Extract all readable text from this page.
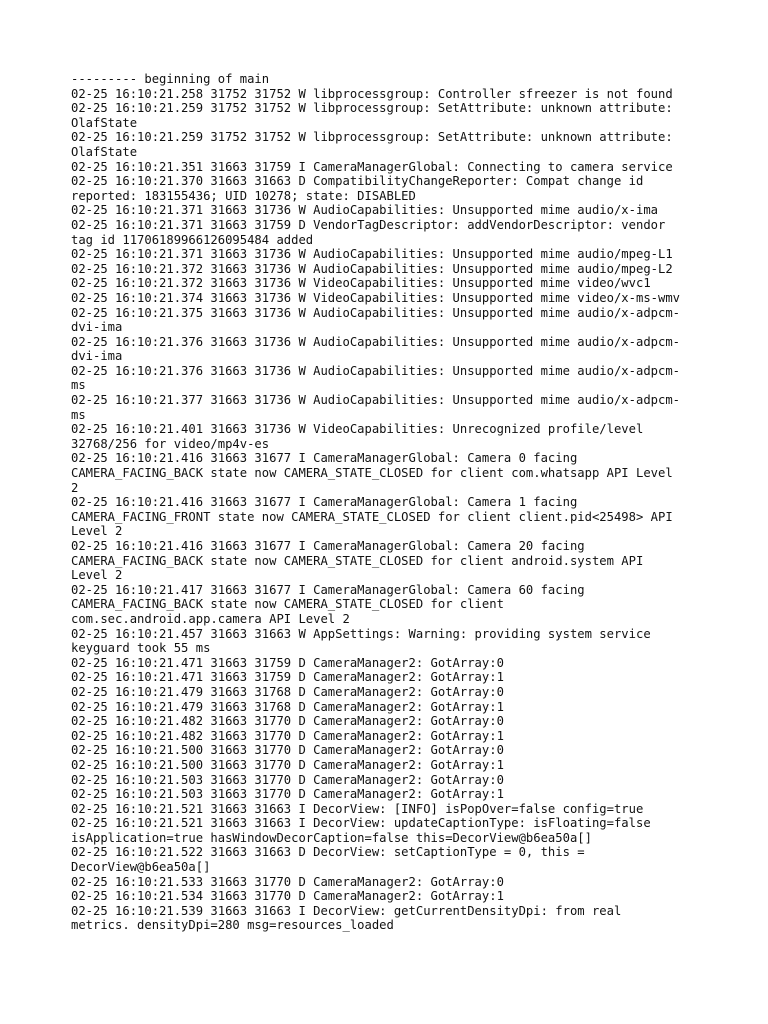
--------- beginning of main
02-25 16:10:21.258 31752 31752 W libprocessgroup: Controller sfreezer is not found
02-25 16:10:21.259 31752 31752 W libprocessgroup: SetAttribute: unknown attribute:
OlafState
02-25 16:10:21.259 31752 31752 W libprocessgroup: SetAttribute: unknown attribute:
OlafState
02-25 16:10:21.351 31663 31759 I CameraManagerGlobal: Connecting to camera service
02-25 16:10:21.370 31663 31663 D CompatibilityChangeReporter: Compat change id
reported: 183155436; UID 10278; state: DISABLED
02-25 16:10:21.371 31663 31736 W AudioCapabilities: Unsupported mime audio/x-ima
02-25 16:10:21.371 31663 31759 D VendorTagDescriptor: addVendorDescriptor: vendor
tag id 11706189966126095484 added
02-25 16:10:21.371 31663 31736 W AudioCapabilities: Unsupported mime audio/mpeg-L1
02-25 16:10:21.372 31663 31736 W AudioCapabilities: Unsupported mime audio/mpeg-L2
02-25 16:10:21.372 31663 31736 W VideoCapabilities: Unsupported mime video/wvc1
02-25 16:10:21.374 31663 31736 W VideoCapabilities: Unsupported mime video/x-ms-wmv
02-25 16:10:21.375 31663 31736 W AudioCapabilities: Unsupported mime audio/x-adpcm-
dvi-ima
02-25 16:10:21.376 31663 31736 W AudioCapabilities: Unsupported mime audio/x-adpcm-
dvi-ima
02-25 16:10:21.376 31663 31736 W AudioCapabilities: Unsupported mime audio/x-adpcm-
ms
02-25 16:10:21.377 31663 31736 W AudioCapabilities: Unsupported mime audio/x-adpcm-
ms
02-25 16:10:21.401 31663 31736 W VideoCapabilities: Unrecognized profile/level
32768/256 for video/mp4v-es
02-25 16:10:21.416 31663 31677 I CameraManagerGlobal: Camera 0 facing
CAMERA_FACING_BACK state now CAMERA_STATE_CLOSED for client com.whatsapp API Level
2
02-25 16:10:21.416 31663 31677 I CameraManagerGlobal: Camera 1 facing
CAMERA_FACING_FRONT state now CAMERA_STATE_CLOSED for client client.pid<25498> API
Level 2
02-25 16:10:21.416 31663 31677 I CameraManagerGlobal: Camera 20 facing
CAMERA_FACING_BACK state now CAMERA_STATE_CLOSED for client android.system API
Level 2
02-25 16:10:21.417 31663 31677 I CameraManagerGlobal: Camera 60 facing
CAMERA_FACING_BACK state now CAMERA_STATE_CLOSED for client
com.sec.android.app.camera API Level 2
02-25 16:10:21.457 31663 31663 W AppSettings: Warning: providing system service
keyguard took 55 ms
02-25 16:10:21.471 31663 31759 D CameraManager2: GotArray:0
02-25 16:10:21.471 31663 31759 D CameraManager2: GotArray:1
02-25 16:10:21.479 31663 31768 D CameraManager2: GotArray:0
02-25 16:10:21.479 31663 31768 D CameraManager2: GotArray:1
02-25 16:10:21.482 31663 31770 D CameraManager2: GotArray:0
02-25 16:10:21.482 31663 31770 D CameraManager2: GotArray:1
02-25 16:10:21.500 31663 31770 D CameraManager2: GotArray:0
02-25 16:10:21.500 31663 31770 D CameraManager2: GotArray:1
02-25 16:10:21.503 31663 31770 D CameraManager2: GotArray:0
02-25 16:10:21.503 31663 31770 D CameraManager2: GotArray:1
02-25 16:10:21.521 31663 31663 I DecorView: [INFO] isPopOver=false config=true
02-25 16:10:21.521 31663 31663 I DecorView: updateCaptionType: isFloating=false
isApplication=true hasWindowDecorCaption=false this=DecorView@b6ea50a[]
02-25 16:10:21.522 31663 31663 D DecorView: setCaptionType = 0, this =
DecorView@b6ea50a[]
02-25 16:10:21.533 31663 31770 D CameraManager2: GotArray:0
02-25 16:10:21.534 31663 31770 D CameraManager2: GotArray:1
02-25 16:10:21.539 31663 31663 I DecorView: getCurrentDensityDpi: from real
metrics. densityDpi=280 msg=resources_loaded
